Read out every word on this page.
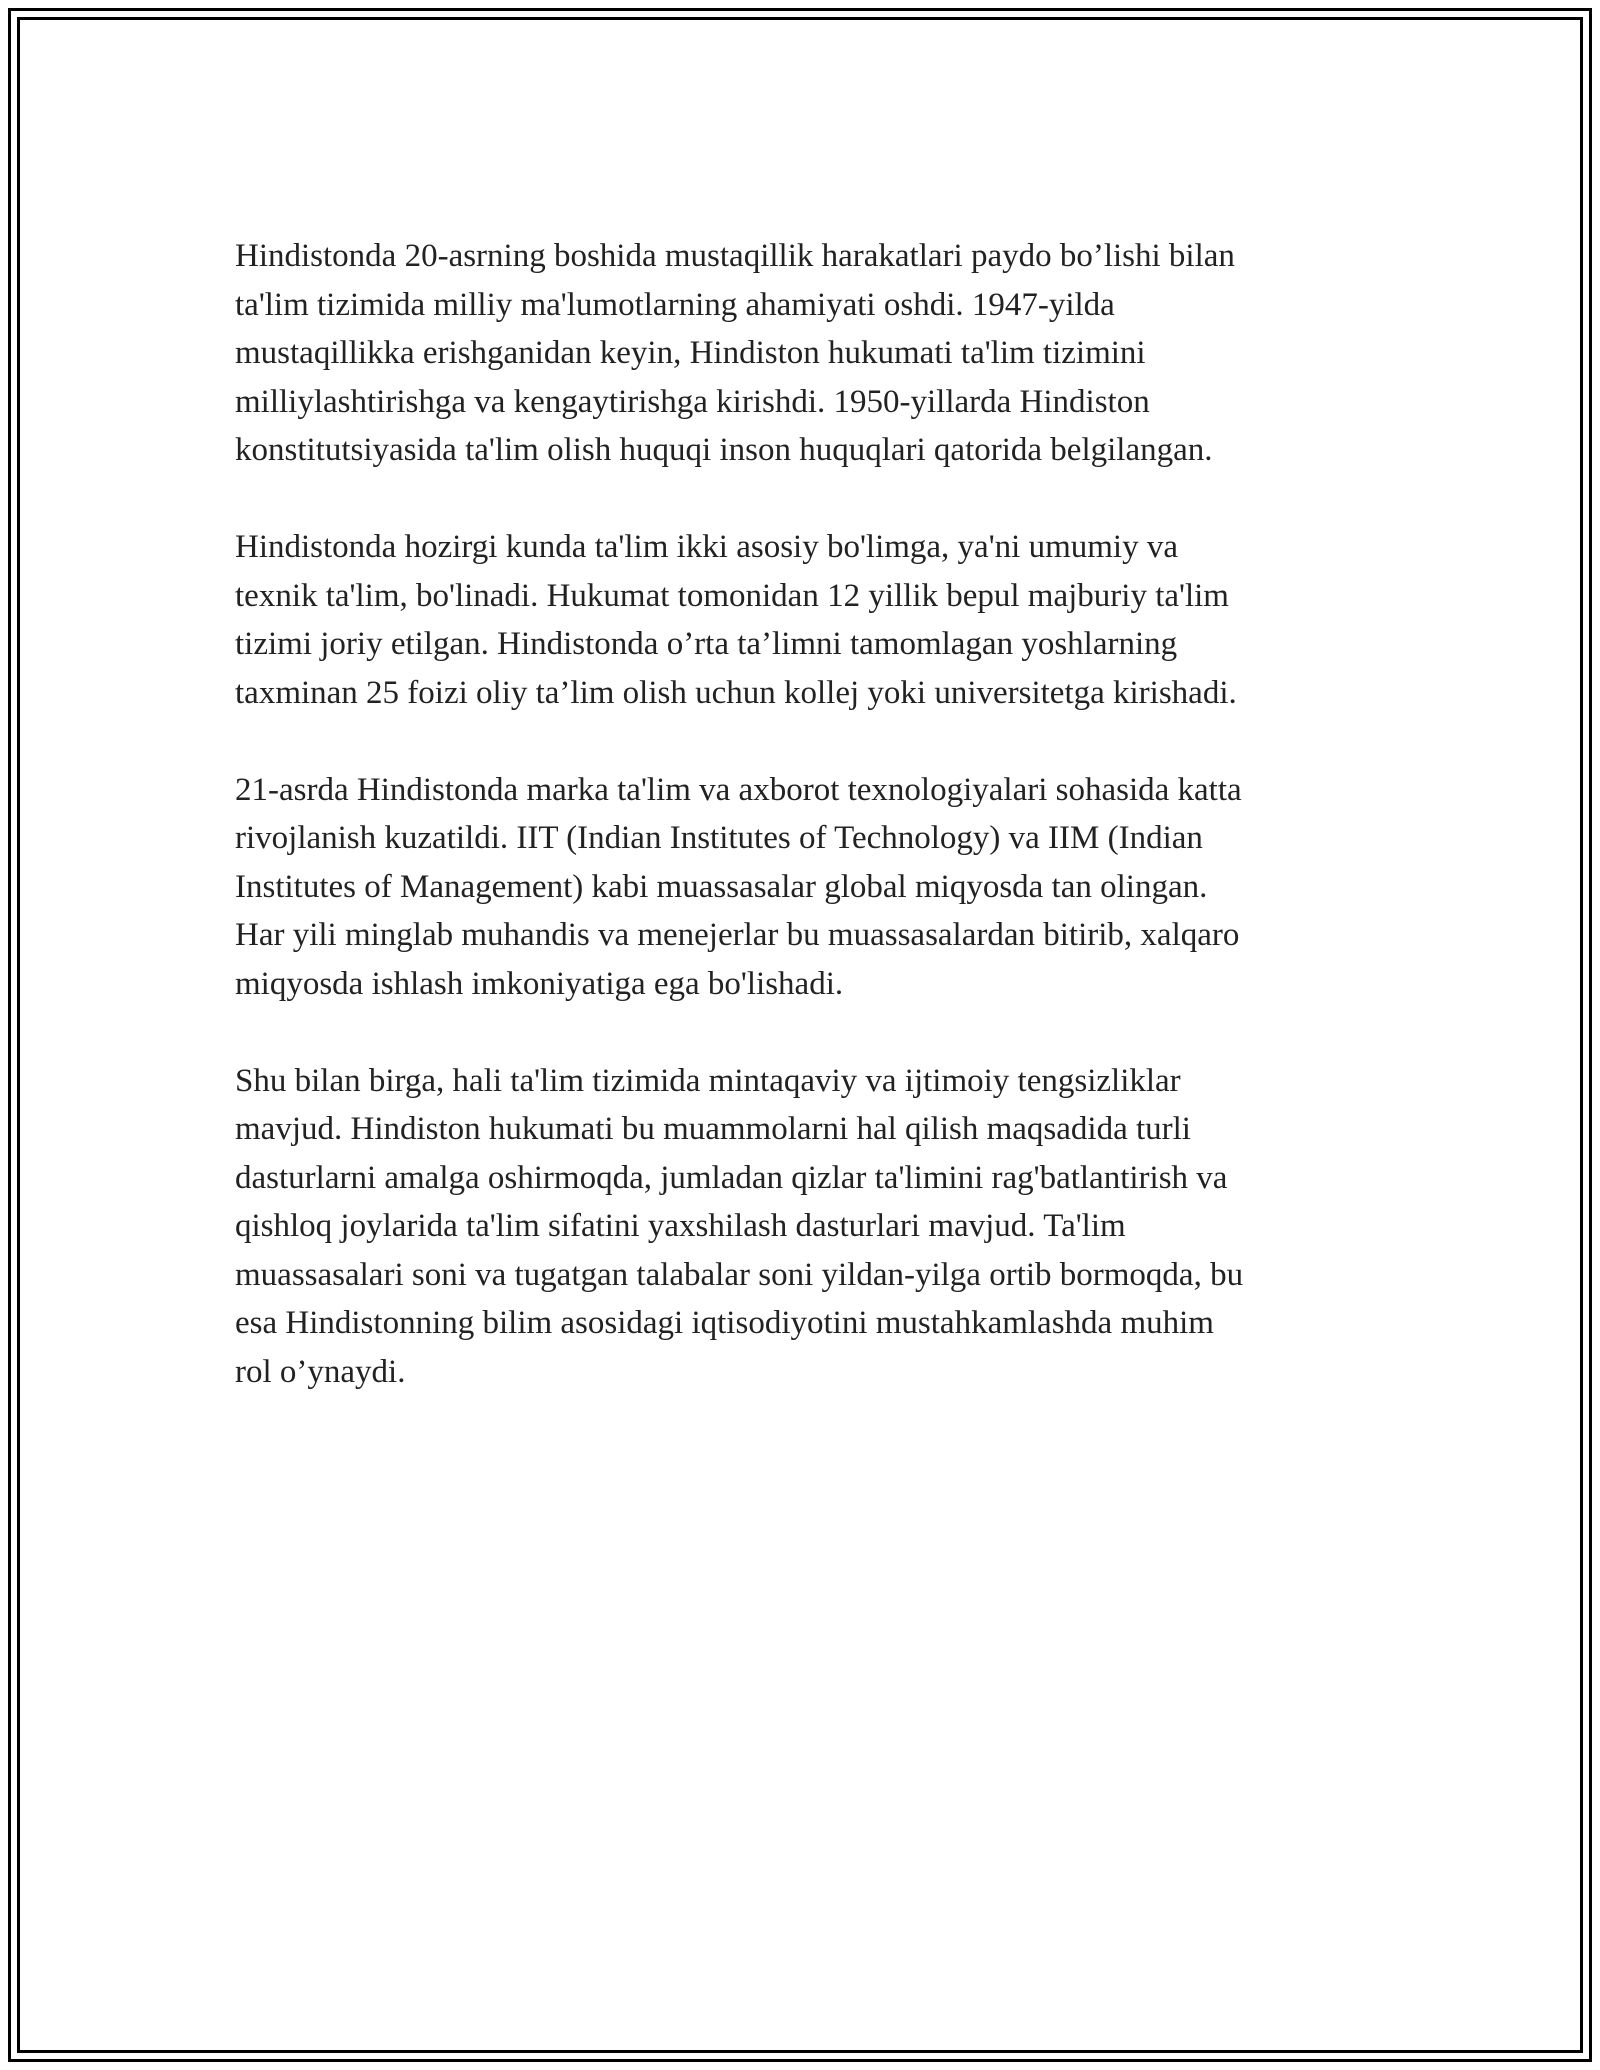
Hindistonda 20-asrning boshida mustaqillik harakatlari paydo bo’lishi bilan
ta'lim tizimida milliy ma'lumotlarning ahamiyati oshdi. 1947-yilda
mustaqillikka erishganidan keyin, Hindiston hukumati ta'lim tizimini
milliylashtirishga va kengaytirishga kirishdi. 1950-yillarda Hindiston
konstitutsiyasida ta'lim olish huquqi inson huquqlari qatorida belgilangan.

Hindistonda hozirgi kunda ta'lim ikki asosiy bo'limga, ya'ni umumiy va
texnik ta'lim, bo'linadi. Hukumat tomonidan 12 yillik bepul majburiy ta'lim
tizimi joriy etilgan. Hindistonda o’rta ta’limni tamomlagan yoshlarning
taxminan 25 foizi oliy ta’lim olish uchun kollej yoki universitetga kirishadi.

21-asrda Hindistonda marka ta'lim va axborot texnologiyalari sohasida katta
rivojlanish kuzatildi. IIT (Indian Institutes of Technology) va IIM (Indian
Institutes of Management) kabi muassasalar global miqyosda tan olingan.
Har yili minglab muhandis va menejerlar bu muassasalardan bitirib, xalqaro
miqyosda ishlash imkoniyatiga ega bo'lishadi.

Shu bilan birga, hali ta'lim tizimida mintaqaviy va ijtimoiy tengsizliklar
mavjud. Hindiston hukumati bu muammolarni hal qilish maqsadida turli
dasturlarni amalga oshirmoqda, jumladan qizlar ta'limini rag'batlantirish va
qishloq joylarida ta'lim sifatini yaxshilash dasturlari mavjud. Ta'lim
muassasalari soni va tugatgan talabalar soni yildan-yilga ortib bormoqda, bu
esa Hindistonning bilim asosidagi iqtisodiyotini mustahkamlashda muhim
rol o’ynaydi.
